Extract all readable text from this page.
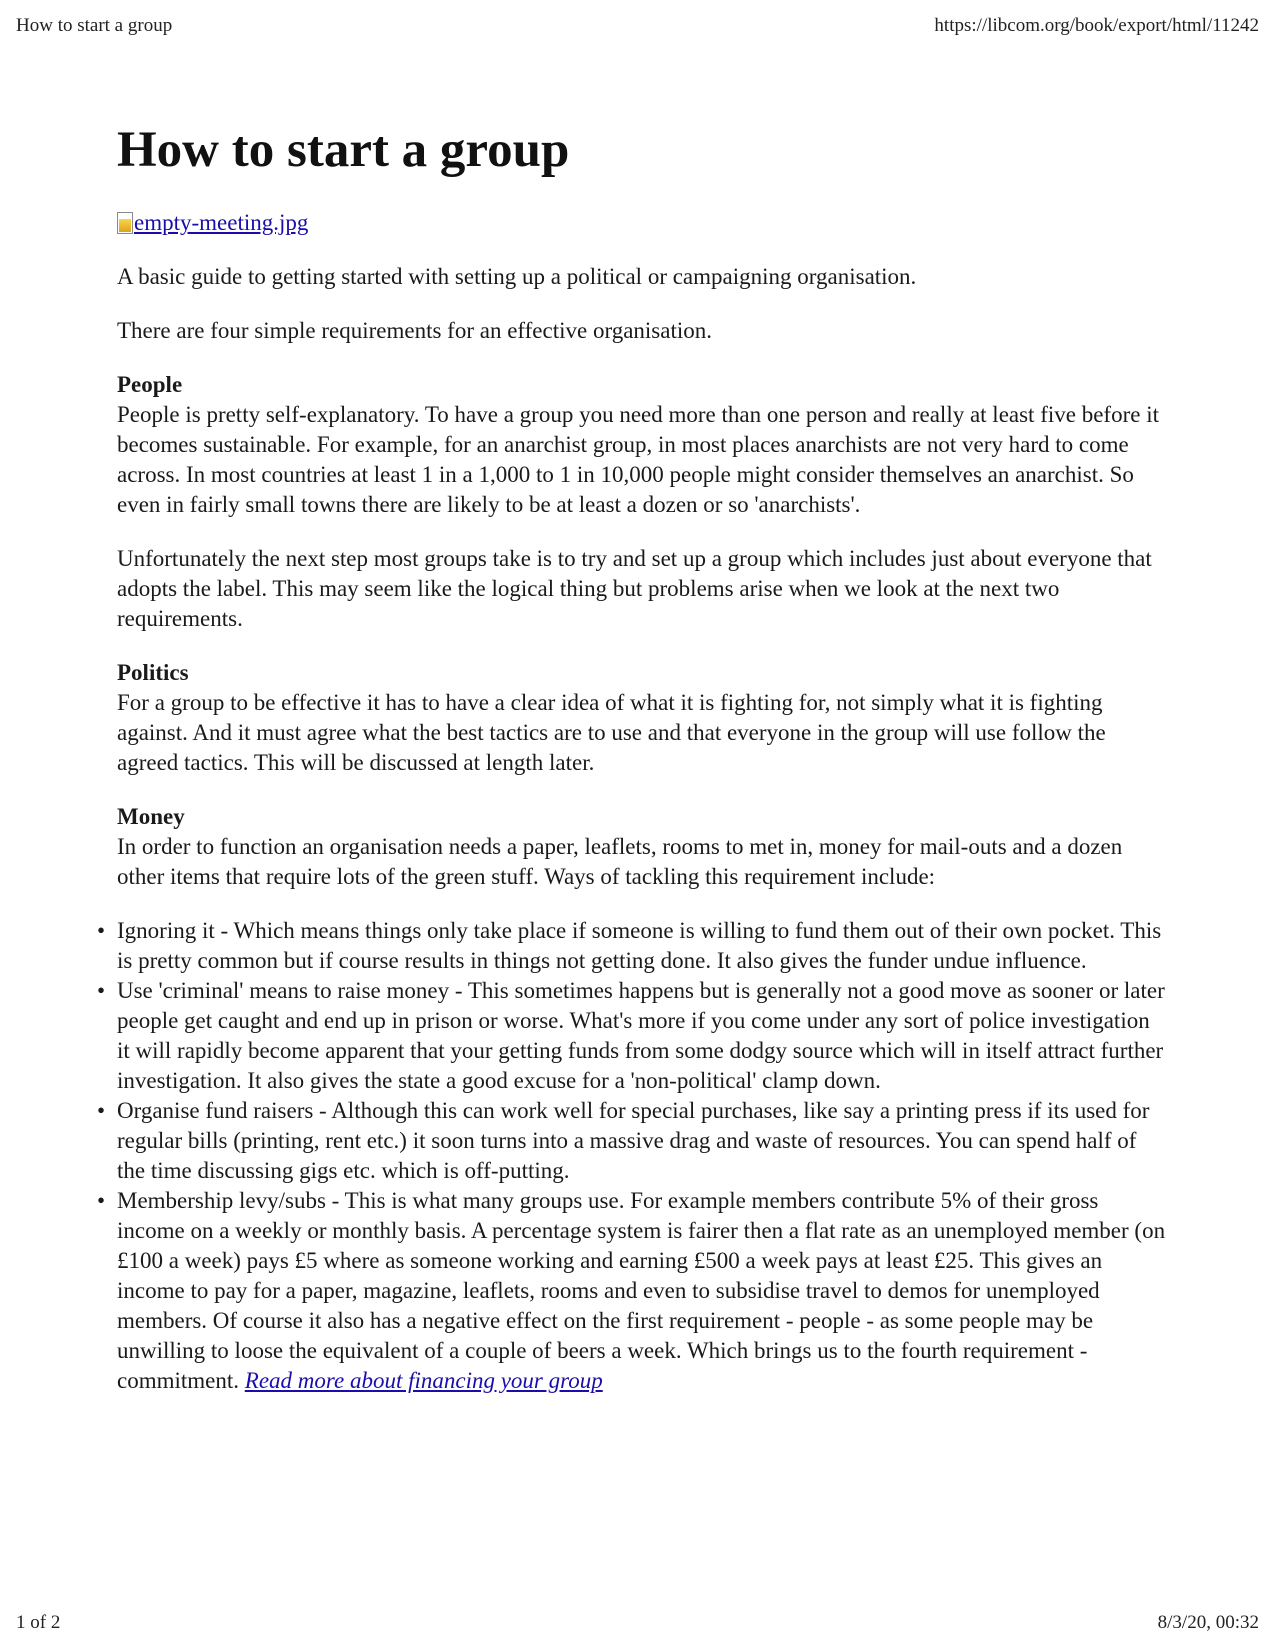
How to start a group	https://libcom.org/book/export/html/11242
How to start a group
empty-meeting.jpg

A basic guide to getting started with setting up a political or campaigning organisation.

There are four simple requirements for an effective organisation.

People
People is pretty self-explanatory. To have a group you need more than one person and really at least five before it becomes sustainable. For example, for an anarchist group, in most places anarchists are not very hard to come across. In most countries at least 1 in a 1,000 to 1 in 10,000 people might consider themselves an anarchist. So even in fairly small towns there are likely to be at least a dozen or so 'anarchists'.

Unfortunately the next step most groups take is to try and set up a group which includes just about everyone that adopts the label. This may seem like the logical thing but problems arise when we look at the next two requirements.

Politics
For a group to be effective it has to have a clear idea of what it is fighting for, not simply what it is fighting against. And it must agree what the best tactics are to use and that everyone in the group will use follow the agreed tactics. This will be discussed at length later.

Money
In order to function an organisation needs a paper, leaflets, rooms to met in, money for mail-outs and a dozen other items that require lots of the green stuff. Ways of tackling this requirement include:

• Ignoring it - Which means things only take place if someone is willing to fund them out of their own pocket. This is pretty common but if course results in things not getting done. It also gives the funder undue influence.
• Use 'criminal' means to raise money - This sometimes happens but is generally not a good move as sooner or later people get caught and end up in prison or worse. What's more if you come under any sort of police investigation it will rapidly become apparent that your getting funds from some dodgy source which will in itself attract further investigation. It also gives the state a good excuse for a 'non-political' clamp down.
• Organise fund raisers - Although this can work well for special purchases, like say a printing press if its used for regular bills (printing, rent etc.) it soon turns into a massive drag and waste of resources. You can spend half of the time discussing gigs etc. which is off-putting.
• Membership levy/subs - This is what many groups use. For example members contribute 5% of their gross income on a weekly or monthly basis. A percentage system is fairer then a flat rate as an unemployed member (on £100 a week) pays £5 where as someone working and earning £500 a week pays at least £25. This gives an income to pay for a paper, magazine, leaflets, rooms and even to subsidise travel to demos for unemployed members. Of course it also has a negative effect on the first requirement - people - as some people may be unwilling to loose the equivalent of a couple of beers a week. Which brings us to the fourth requirement - commitment. Read more about financing your group
1 of 2	8/3/20, 00:32
